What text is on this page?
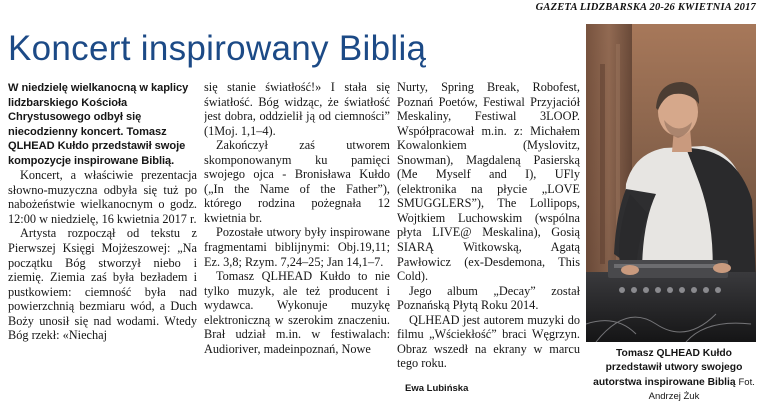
GAZETA LIDZBARSKA 20-26 KWIETNIA 2017
Koncert inspirowany Biblią

W niedzielę wielkanocną w kaplicy lidzbarskiego Kościoła Chrystusowego odbył się niecodzienny koncert. Tomasz QLHEAD Kułdo przedstawił swoje kompozycje inspirowane Biblią.

Koncert, a właściwie prezentacja słowno-muzyczna odbyła się tuż po nabożeństwie wielkanocnym o godz. 12:00 w niedzielę, 16 kwietnia 2017 r.

Artysta rozpoczął od tekstu z Pierwszej Księgi Mojżeszowej: „Na początku Bóg stworzył niebo i ziemię. Ziemia zaś była bezładem i pustkowiem: ciemność była nad powierzchnią bezmiaru wód, a Duch Boży unosił się nad wodami. Wtedy Bóg rzekł: «Niechaj

się stanie światłość!» I stała się światłość. Bóg widząc, że światłość jest dobra, oddzielił ją od ciemności” (1Moj. 1,1–4).

Zakończył zaś utworem skomponowanym ku pamięci swojego ojca - Bronisława Kułdo („In the Name of the Father”), którego rodzina pożegnała 12 kwietnia br.

Pozostałe utwory były inspirowane fragmentami biblijnymi: Obj.19,11; Ez. 3,8; Rzym. 7,24–25; Jan 14,1–7.

Tomasz QLHEAD Kułdo to nie tylko muzyk, ale też producent i wydawca. Wykonuje muzykę elektroniczną w szerokim znaczeniu. Brał udział m.in. w festiwalach: Audioriver, madeinpoznań, Nowe

Nurty, Spring Break, Robofest, Poznań Poetów, Festiwal Przyjaciół Meskaliny, Festiwal 3LOOP. Współpracował m.in. z: Michałem Kowalonkiem (Myslovitz, Snowman), Magdaleną Pasierską (Me Myself and I), UFly (elektronika na płycie „LOVE SMUGGLERS”), The Lollipops, Wojtkiem Luchowskim (wspólna płyta LIVE@ Meskalina), Gosią SIARĄ Witkowską, Agatą Pawłowicz (ex-Desdemona, This Cold).

Jego album „Decay” został Poznańską Płytą Roku 2014.

QLHEAD jest autorem muzyki do filmu „Wściekłość” braci Węgrzyn. Obraz wszedł na ekrany w marcu tego roku.

Ewa Lubińska
Tomasz QLHEAD Kułdo przedstawił utwory swojego autorstwa inspirowane Biblią Fot. Andrzej Żuk
